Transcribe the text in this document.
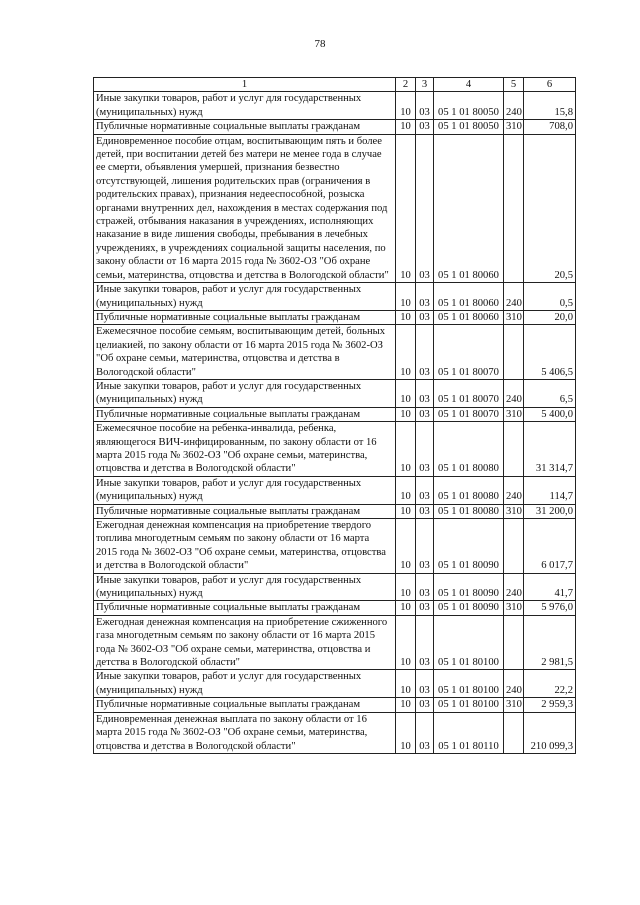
78
1	2	3	4	5	6
Иные закупки товаров, работ и услуг для государственных (муниципальных) нужд	10	03	05 1 01 80050	240	15,8
Публичные нормативные социальные выплаты гражданам	10	03	05 1 01 80050	310	708,0
Единовременное пособие отцам, воспитывающим пять и более детей, при воспитании детей без матери не менее года в случае ее смерти, объявления умершей, признания безвестно отсутствующей, лишения родительских прав (ограничения в родительских правах), признания недееспособной, розыска органами внутренних дел, нахождения в местах содержания под стражей, отбывания наказания в учреждениях, исполняющих наказание в виде лишения свободы, пребывания в лечебных учреждениях, в учреждениях социальной защиты населения, по закону области от 16 марта 2015 года № 3602-ОЗ "Об охране семьи, материнства, отцовства и детства в Вологодской области"	10	03	05 1 01 80060		20,5
Иные закупки товаров, работ и услуг для государственных (муниципальных) нужд	10	03	05 1 01 80060	240	0,5
Публичные нормативные социальные выплаты гражданам	10	03	05 1 01 80060	310	20,0
Ежемесячное пособие семьям, воспитывающим детей, больных целиакией, по закону области от 16 марта 2015 года № 3602-ОЗ "Об охране семьи, материнства, отцовства и детства в Вологодской области"	10	03	05 1 01 80070		5 406,5
Иные закупки товаров, работ и услуг для государственных (муниципальных) нужд	10	03	05 1 01 80070	240	6,5
Публичные нормативные социальные выплаты гражданам	10	03	05 1 01 80070	310	5 400,0
Ежемесячное пособие на ребенка-инвалида, ребенка, являющегося ВИЧ-инфицированным, по закону области от 16 марта 2015 года № 3602-ОЗ "Об охране семьи, материнства, отцовства и детства в Вологодской области"	10	03	05 1 01 80080		31 314,7
Иные закупки товаров, работ и услуг для государственных (муниципальных) нужд	10	03	05 1 01 80080	240	114,7
Публичные нормативные социальные выплаты гражданам	10	03	05 1 01 80080	310	31 200,0
Ежегодная денежная компенсация на приобретение твердого топлива многодетным семьям по закону области от 16 марта 2015 года № 3602-ОЗ "Об охране семьи, материнства, отцовства и детства в Вологодской области"	10	03	05 1 01 80090		6 017,7
Иные закупки товаров, работ и услуг для государственных (муниципальных) нужд	10	03	05 1 01 80090	240	41,7
Публичные нормативные социальные выплаты гражданам	10	03	05 1 01 80090	310	5 976,0
Ежегодная денежная компенсация на приобретение сжиженного газа многодетным семьям по закону области от 16 марта 2015 года № 3602-ОЗ "Об охране семьи, материнства, отцовства и детства в Вологодской области"	10	03	05 1 01 80100		2 981,5
Иные закупки товаров, работ и услуг для государственных (муниципальных) нужд	10	03	05 1 01 80100	240	22,2
Публичные нормативные социальные выплаты гражданам	10	03	05 1 01 80100	310	2 959,3
Единовременная денежная выплата по закону области от 16 марта 2015 года № 3602-ОЗ "Об охране семьи, материнства, отцовства и детства в Вологодской области"	10	03	05 1 01 80110		210 099,3
